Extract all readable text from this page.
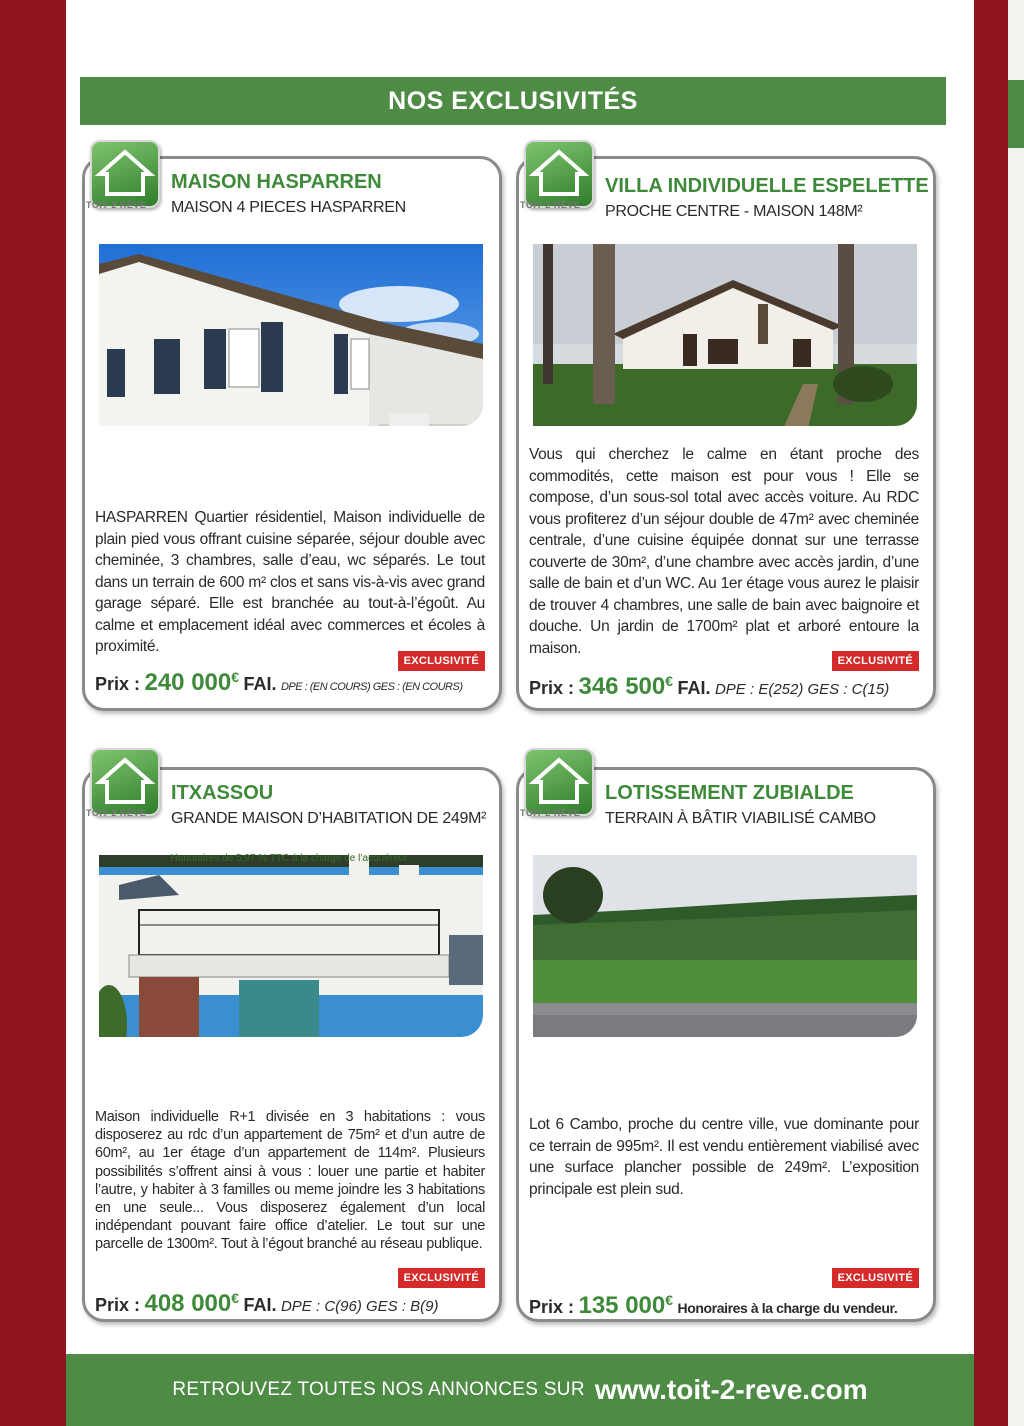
NOS EXCLUSIVITÉS
MAISON HASPARREN
MAISON 4 PIECES HASPARREN
HASPARREN Quartier résidentiel, Maison individuelle de plain pied vous offrant cuisine séparée, séjour double avec cheminée, 3 chambres, salle d’eau, wc séparés. Le tout dans un terrain de 600 m² clos et sans vis-à-vis avec grand garage séparé. Elle est branchée au tout-à-l’égoût. Au calme et emplacement idéal avec commerces et écoles à proximité.
EXCLUSIVITÉ
Prix : 240 000€ FAI. DPE : (EN COURS) GES : (EN COURS)
VILLA INDIVIDUELLE ESPELETTE
PROCHE CENTRE - MAISON 148M²
Vous qui cherchez le calme en étant proche des commodités, cette maison est pour vous ! Elle se compose, d’un sous-sol total avec accès voiture. Au RDC vous profiterez d’un séjour double de 47m² avec cheminée centrale, d’une cuisine équipée donnat sur une terrasse couverte de 30m², d’une chambre avec accès jardin, d’une salle de bain et d’un WC. Au 1er étage vous aurez le plaisir de trouver 4 chambres, une salle de bain avec baignoire et douche. Un jardin de 1700m² plat et arboré entoure la maison.
EXCLUSIVITÉ
Prix : 346 500€ FAI. DPE : E(252) GES : C(15)
ITXASSOU
GRANDE MAISON D’HABITATION DE 249M²
Maison individuelle R+1 divisée en 3 habitations : vous disposerez au rdc d’un appartement de 75m² et d’un autre de 60m², au 1er étage d’un appartement de 114m². Plusieurs possibilités s’offrent ainsi à vous : louer une partie et habiter l’autre, y habiter à 3 familles ou meme joindre les 3 habitations en une seule... Vous disposerez également d’un local indépendant pouvant faire office d’atelier. Le tout sur une parcelle de 1300m². Tout à l’égout branché au réseau publique.
EXCLUSIVITÉ
Prix : 408 000€ FAI. DPE : C(96) GES : B(9)
LOTISSEMENT ZUBIALDE
TERRAIN À BÂTIR VIABILISÉ CAMBO
Lot 6 Cambo, proche du centre ville, vue dominante pour ce terrain de 995m². Il est vendu entièrement viabilisé avec une surface plancher possible de 249m². L’exposition principale est plein sud.
EXCLUSIVITÉ
Prix : 135 000€ Honoraires à la charge du vendeur.
TOIT 2 RÊVE	TOIT 2 RÊVE
TOIT 2 RÊVE	TOIT 2 RÊVE
Honoraires de 5,97 % TTC à la charge de l’acquéreur
RETROUVEZ TOUTES NOS ANNONCES SUR www.toit-2-reve.com
